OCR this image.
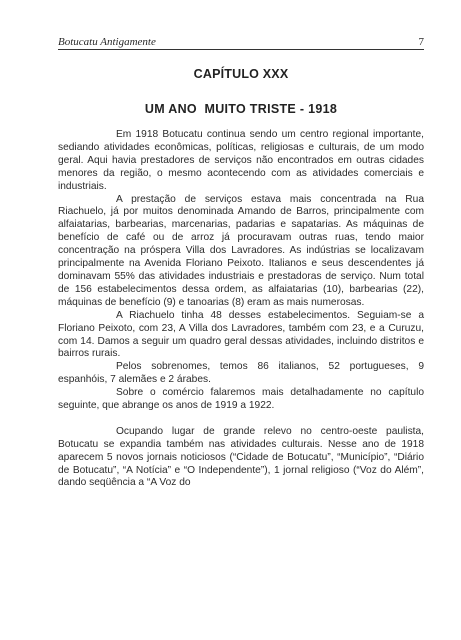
Botucatu Antigamente	7
CAPÍTULO XXX
UM ANO  MUITO TRISTE - 1918

Em 1918 Botucatu continua sendo um centro regional importante, sediando atividades econômicas, políticas, religiosas e culturais, de um modo geral. Aqui havia prestadores de serviços não encontrados em outras cidades menores da região, o mesmo acontecendo com as atividades comerciais e industriais.

A prestação de serviços estava mais concentrada na Rua Riachuelo, já por muitos denominada Amando de Barros, principalmente com alfaiatarias, barbearias, marcenarias, padarias e sapatarias. As máquinas de benefício de café ou de arroz já procuravam outras ruas, tendo maior concentração na próspera Villa dos Lavradores. As indústrias se localizavam principalmente na Avenida Floriano Peixoto. Italianos e seus descendentes já dominavam 55% das atividades industriais e prestadoras de serviço. Num total de 156 estabelecimentos dessa ordem, as alfaiatarias (10), barbearias (22), máquinas de benefício (9) e tanoarias (8) eram as mais numerosas.

A Riachuelo tinha 48 desses estabelecimentos. Seguiam-se a Floriano Peixoto, com 23, A Villa dos Lavradores, também com 23, e a Curuzu, com 14. Damos a seguir um quadro geral dessas atividades, incluindo distritos e bairros rurais.

Pelos sobrenomes, temos 86 italianos, 52 portugueses, 9 espanhóis, 7 alemães e 2 árabes.

Sobre o comércio falaremos mais detalhadamente no capítulo seguinte, que abrange os anos de 1919 a 1922.

Ocupando lugar de grande relevo no centro-oeste paulista, Botucatu se expandia também nas atividades culturais. Nesse ano de 1918 aparecem 5 novos jornais noticiosos (“Cidade de Botucatu”, “Município”, “Diário de Botucatu”, “A Notícia” e “O Independente”), 1 jornal religioso (“Voz do Além”, dando seqüência a “A Voz do
